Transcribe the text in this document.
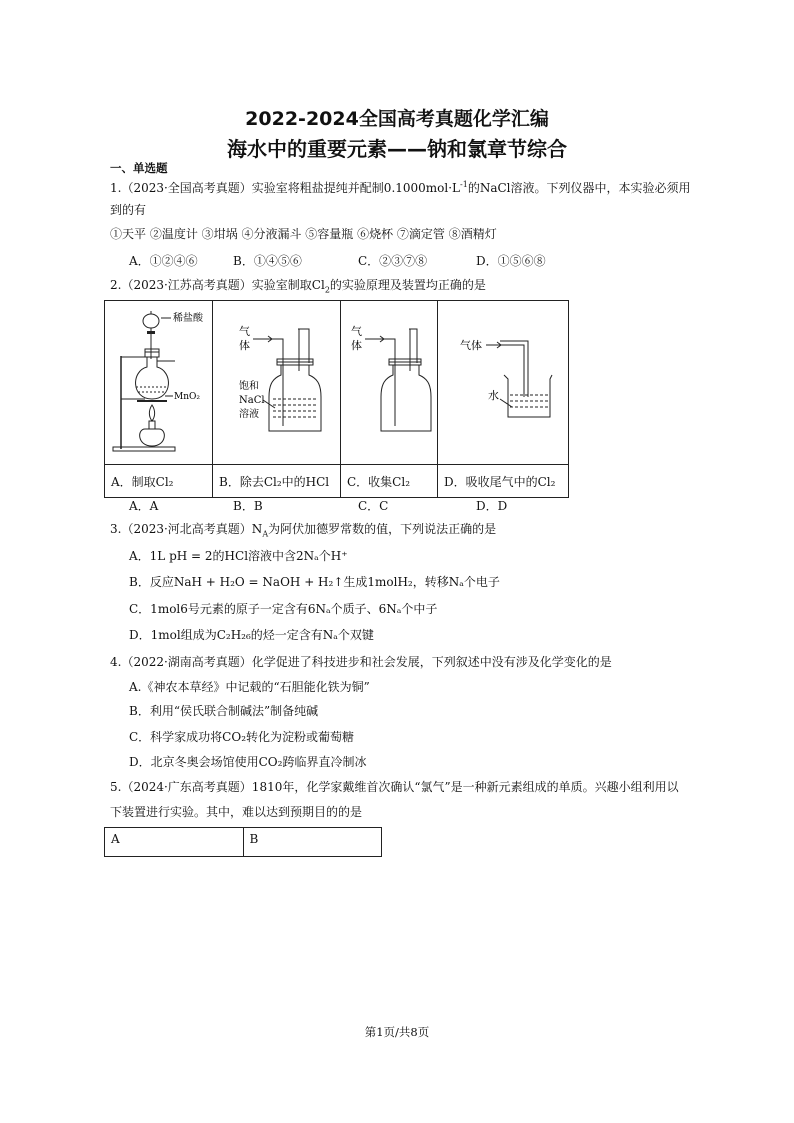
2022-2024全国高考真题化学汇编
海水中的重要元素——钠和氯章节综合
一、单选题
1.（2023·全国高考真题）实验室将粗盐提纯并配制$0.1000mol\cdot L^{-1}$的NaCl溶液。下列仪器中，本实验必须用
到的有
①天平 ②温度计 ③坩埚 ④分液漏斗 ⑤容量瓶 ⑥烧杯 ⑦滴定管 ⑧酒精灯
A．①②④⑥	B．①④⑤⑥	C．②③⑦⑧	D．①⑤⑥⑧
2.（2023·江苏高考真题）实验室制取$Cl_2$的实验原理及装置均正确的是
稀盐酸
MnO₂	气
体
饱和
NaCl
溶液	气
体	气体
水

A．制取Cl₂	B．除去Cl₂中的HCl	C．收集Cl₂	D．吸收尾气中的Cl₂
A．A	B．B	C．C	D．D
3.（2023·河北高考真题）$N_A$为阿伏加德罗常数的值，下列说法正确的是
A．1L pH = 2的HCl溶液中含2Nₐ个H⁺
B．反应NaH + H₂O = NaOH + H₂↑生成1molH₂，转移Nₐ个电子
C．1mol6号元素的原子一定含有6Nₐ个质子、6Nₐ个中子
D．1mol组成为C₂H₂₆的烃一定含有Nₐ个双键
4.（2022·湖南高考真题）化学促进了科技进步和社会发展，下列叙述中没有涉及化学变化的是
A.《神农本草经》中记载的“石胆能化铁为铜”
B．利用“侯氏联合制碱法”制备纯碱
C．科学家成功将CO₂转化为淀粉或葡萄糖
D．北京冬奥会场馆使用CO₂跨临界直冷制冰
5.（2024·广东高考真题）1810年，化学家戴维首次确认“氯气”是一种新元素组成的单质。兴趣小组利用以
下装置进行实验。其中，难以达到预期目的的是
A	B
第1页/共8页
